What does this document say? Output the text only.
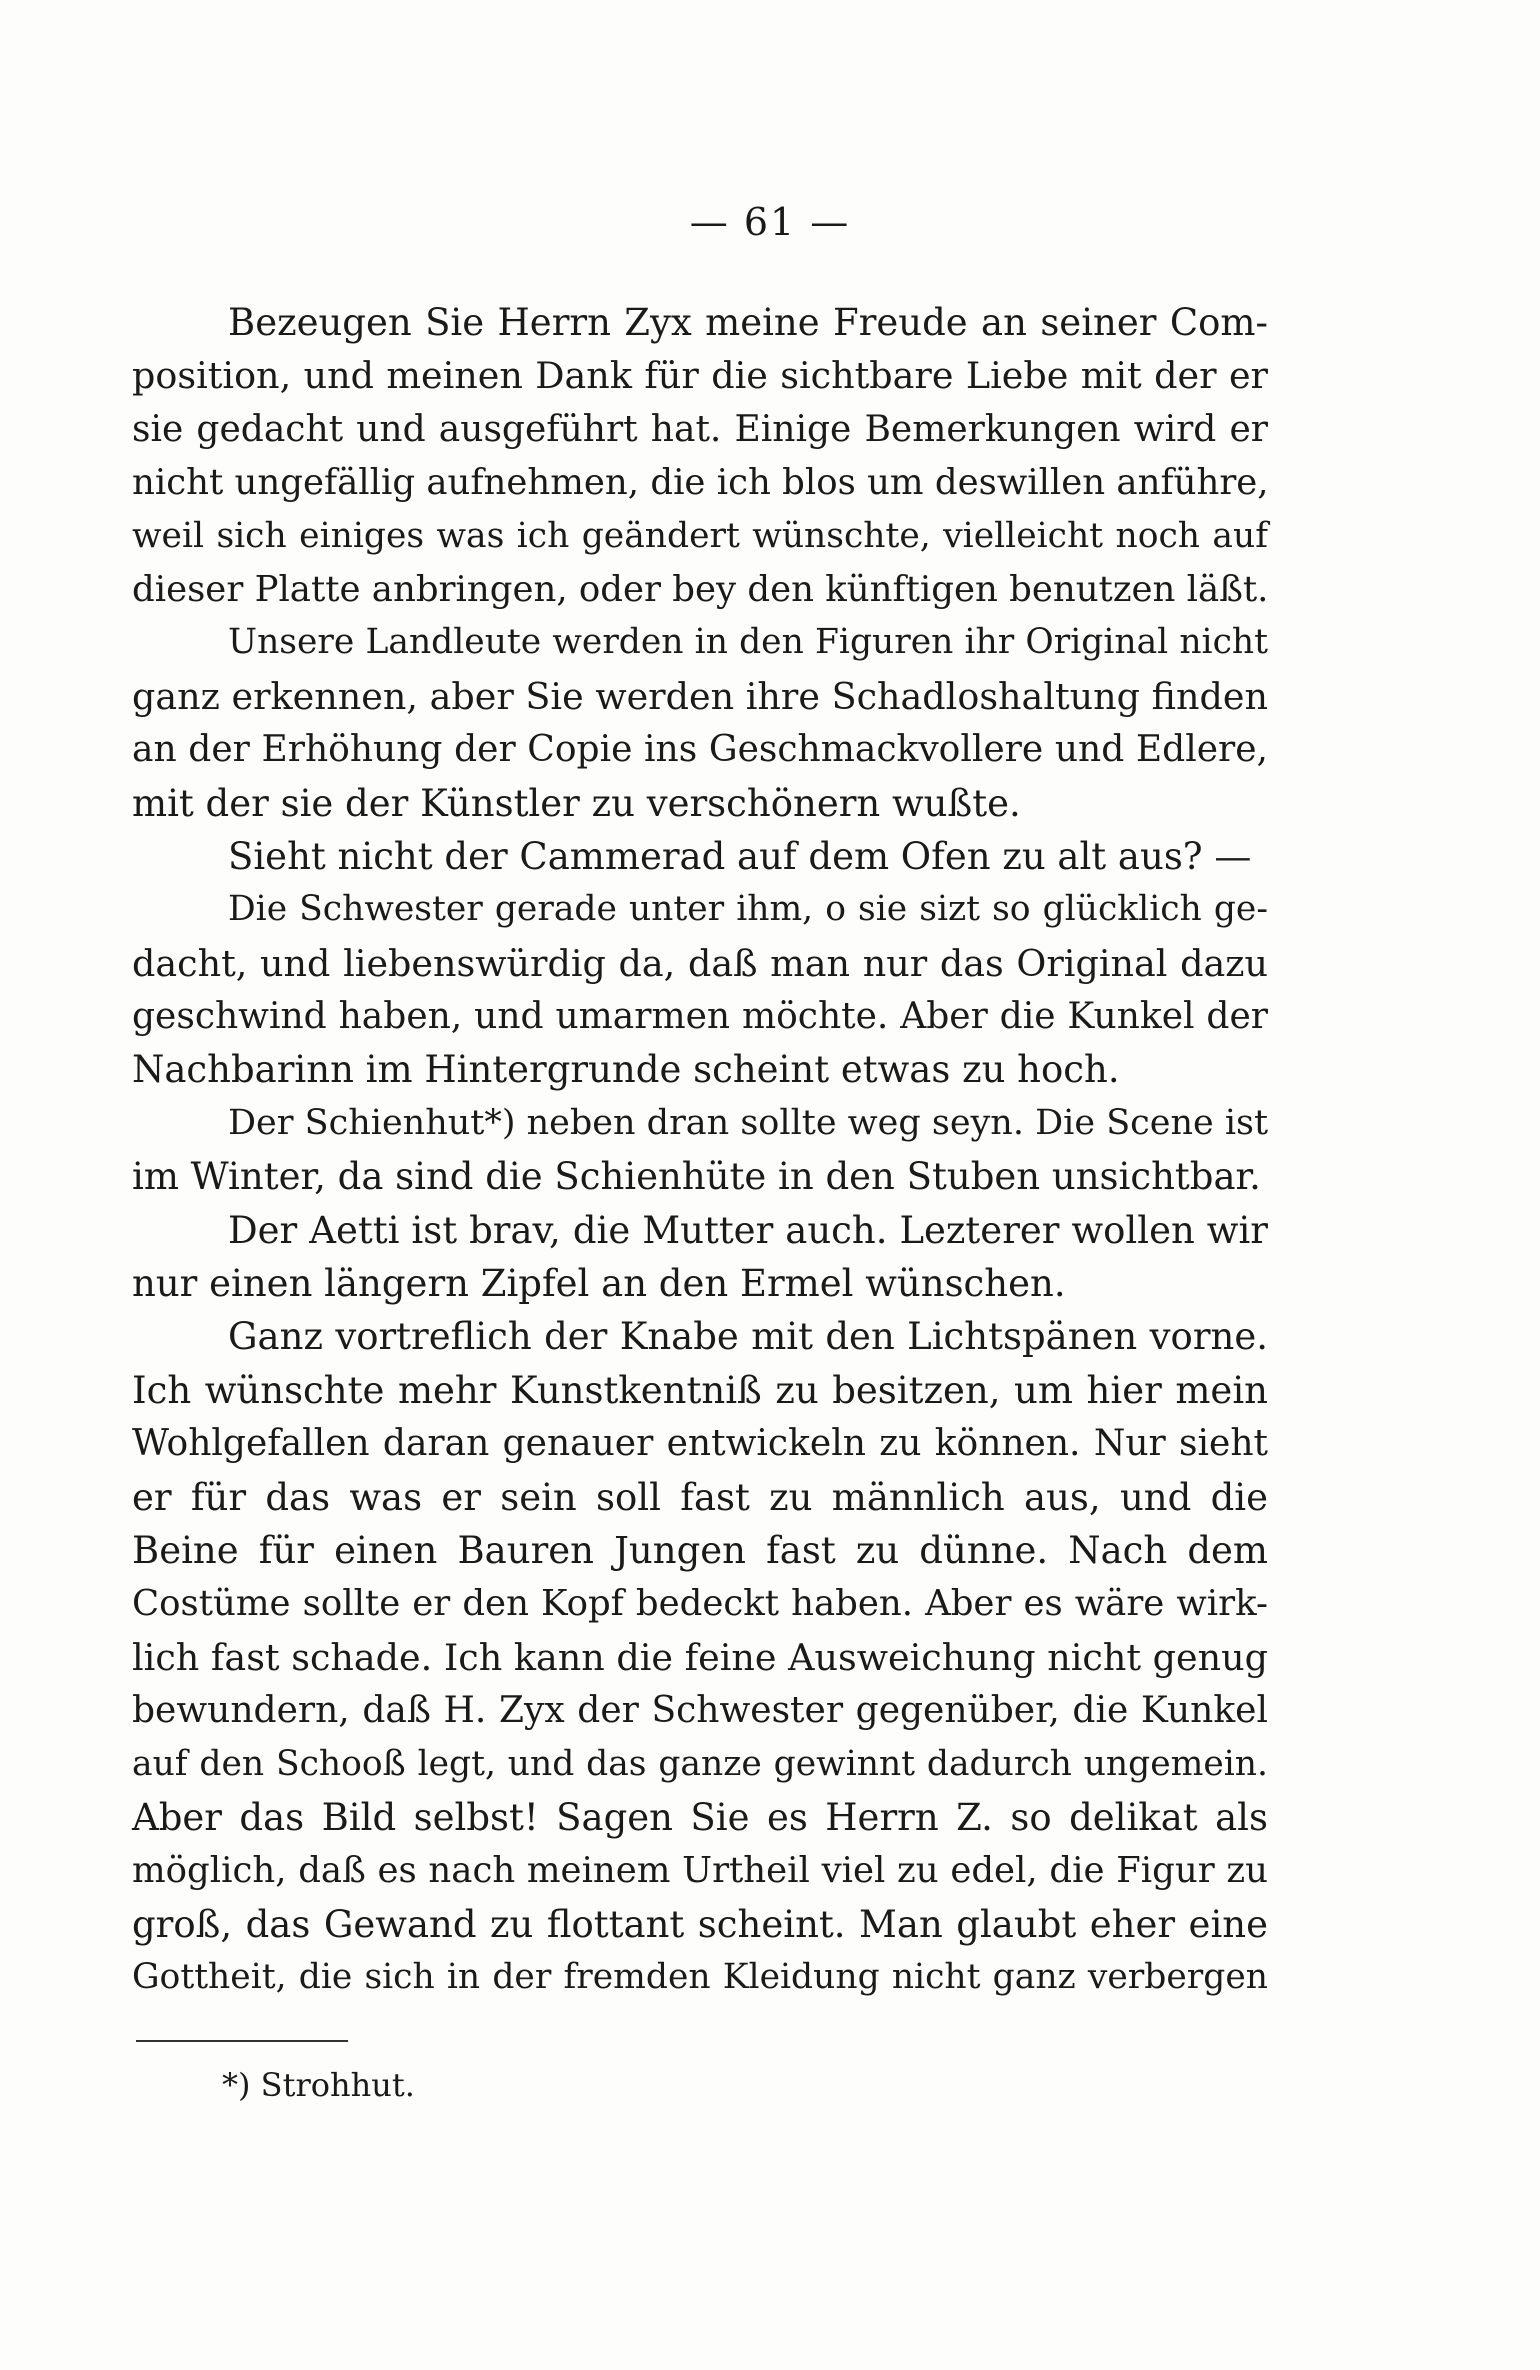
— 61 —

Bezeugen Sie Herrn Zyx meine Freude an seiner Com-
position, und meinen Dank für die sichtbare Liebe mit der er
sie gedacht und ausgeführt hat. Einige Bemerkungen wird er
nicht ungefällig aufnehmen, die ich blos um deswillen anführe,
weil sich einiges was ich geändert wünschte, vielleicht noch auf
dieser Platte anbringen, oder bey den künftigen benutzen läßt.
Unsere Landleute werden in den Figuren ihr Original nicht
ganz erkennen, aber Sie werden ihre Schadloshaltung finden
an der Erhöhung der Copie ins Geschmackvollere und Edlere,
mit der sie der Künstler zu verschönern wußte.
Sieht nicht der Cammerad auf dem Ofen zu alt aus? —
Die Schwester gerade unter ihm, o sie sizt so glücklich ge-
dacht, und liebenswürdig da, daß man nur das Original dazu
geschwind haben, und umarmen möchte. Aber die Kunkel der
Nachbarinn im Hintergrunde scheint etwas zu hoch.
Der Schienhut*) neben dran sollte weg seyn. Die Scene ist
im Winter, da sind die Schienhüte in den Stuben unsichtbar.
Der Aetti ist brav, die Mutter auch. Lezterer wollen wir
nur einen längern Zipfel an den Ermel wünschen.
Ganz vortreflich der Knabe mit den Lichtspänen vorne.
Ich wünschte mehr Kunstkentniß zu besitzen, um hier mein
Wohlgefallen daran genauer entwickeln zu können. Nur sieht
er für das was er sein soll fast zu männlich aus, und die
Beine für einen Bauren Jungen fast zu dünne. Nach dem
Costüme sollte er den Kopf bedeckt haben. Aber es wäre wirk-
lich fast schade. Ich kann die feine Ausweichung nicht genug
bewundern, daß H. Zyx der Schwester gegenüber, die Kunkel
auf den Schooß legt, und das ganze gewinnt dadurch ungemein.
Aber das Bild selbst! Sagen Sie es Herrn Z. so delikat als
möglich, daß es nach meinem Urtheil viel zu edel, die Figur zu
groß, das Gewand zu flottant scheint. Man glaubt eher eine
Gottheit, die sich in der fremden Kleidung nicht ganz verbergen

*) Strohhut.
